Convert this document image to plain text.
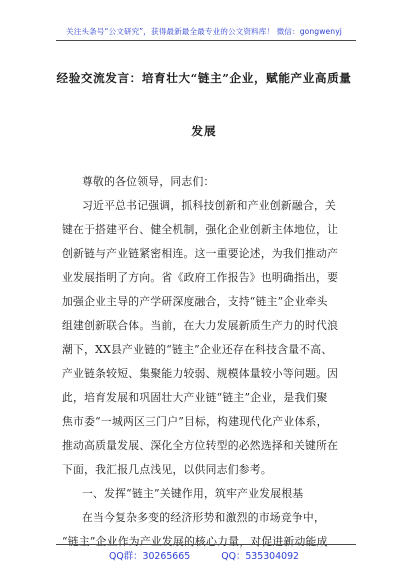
关注头条号“公文研究”，获得最新最全最专业的公文资料库！ 微信：gongwenyj
经验交流发言：培育壮大“链主”企业，赋能产业高质量
发展
尊敬的各位领导，同志们：
习近平总书记强调，抓科技创新和产业创新融合，关
键在于搭建平台、健全机制，强化企业创新主体地位，让
创新链与产业链紧密相连。这一重要论述，为我们推动产
业发展指明了方向。省《政府工作报告》也明确指出，要
加强企业主导的产学研深度融合，支持“链主”企业牵头
组建创新联合体。当前，在大力发展新质生产力的时代浪
潮下，XX县产业链的“链主”企业还存在科技含量不高、
产业链条较短、集聚能力较弱、规模体量较小等问题。因
此，培育发展和巩固壮大产业链“链主”企业，是我们聚
焦市委“一城两区三门户”目标，构建现代化产业体系，
推动高质量发展、深化全方位转型的必然选择和关键所在
下面，我汇报几点浅见，以供同志们参考。
一、发挥“链主”关键作用，筑牢产业发展根基
在当今复杂多变的经济形势和激烈的市场竞争中，
“链主”企业作为产业发展的核心力量，对促进新动能成
QQ群：30265665	QQ：535304092
